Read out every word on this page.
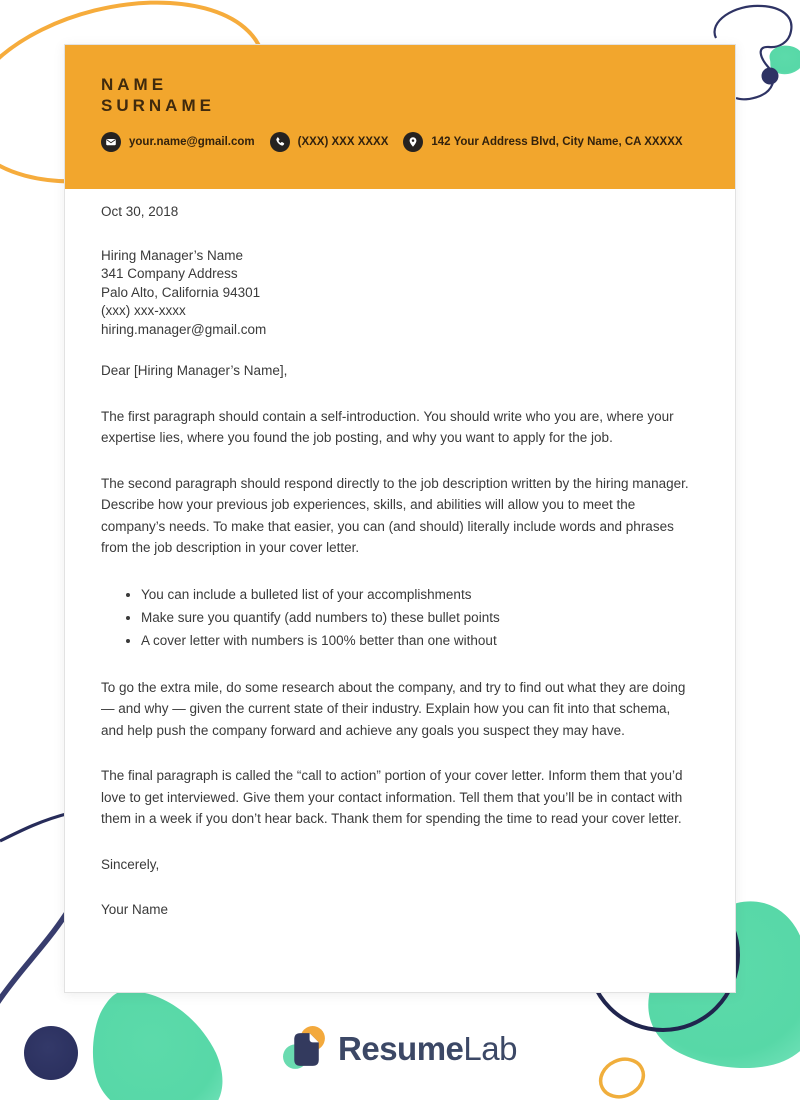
NAME
SURNAME
your.name@gmail.com	(XXX) XXX XXXX	142 Your Address Blvd, City Name, CA XXXXX

Oct 30, 2018

Hiring Manager’s Name
341 Company Address
Palo Alto, California 94301
(xxx) xxx-xxxx
hiring.manager@gmail.com

Dear [Hiring Manager’s Name],

The first paragraph should contain a self-introduction. You should write who you are, where your expertise lies, where you found the job posting, and why you want to apply for the job.

The second paragraph should respond directly to the job description written by the hiring manager. Describe how your previous job experiences, skills, and abilities will allow you to meet the company’s needs. To make that easier, you can (and should) literally include words and phrases from the job description in your cover letter.

• You can include a bulleted list of your accomplishments
• Make sure you quantify (add numbers to) these bullet points
• A cover letter with numbers is 100% better than one without

To go the extra mile, do some research about the company, and try to find out what they are doing — and why — given the current state of their industry. Explain how you can fit into that schema, and help push the company forward and achieve any goals you suspect they may have.

The final paragraph is called the “call to action” portion of your cover letter. Inform them that you’d love to get interviewed. Give them your contact information. Tell them that you’ll be in contact with them in a week if you don’t hear back. Thank them for spending the time to read your cover letter.

Sincerely,

Your Name

ResumeLab
